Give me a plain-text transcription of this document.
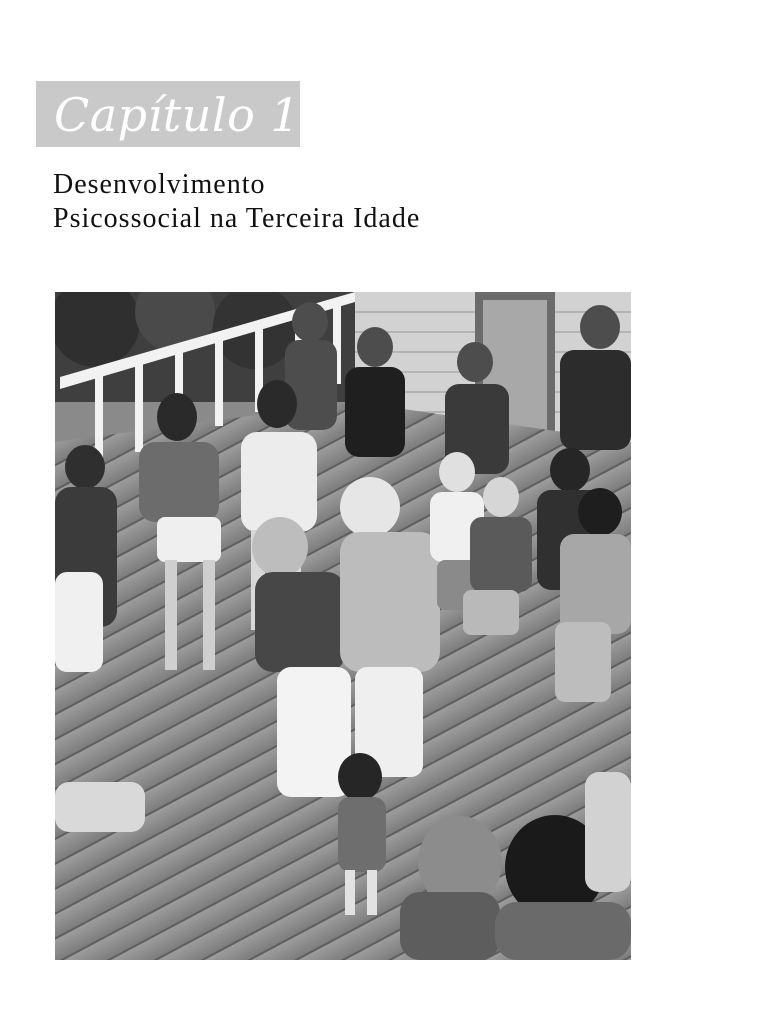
Capítulo 18
Desenvolvimento
Psicossocial na Terceira Idade
